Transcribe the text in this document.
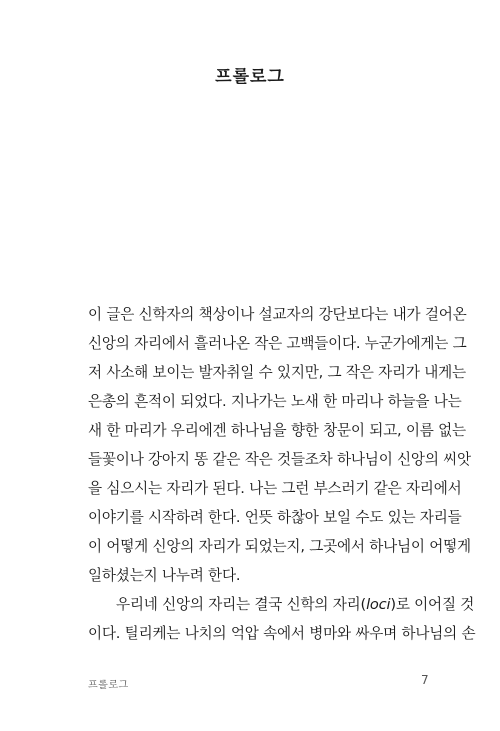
프롤로그
이 글은 신학자의 책상이나 설교자의 강단보다는 내가 걸어온
신앙의 자리에서 흘러나온 작은 고백들이다. 누군가에게는 그
저 사소해 보이는 발자취일 수 있지만, 그 작은 자리가 내게는
은총의 흔적이 되었다. 지나가는 노새 한 마리나 하늘을 나는
새 한 마리가 우리에겐 하나님을 향한 창문이 되고, 이름 없는
들꽃이나 강아지 똥 같은 작은 것들조차 하나님이 신앙의 씨앗
을 심으시는 자리가 된다. 나는 그런 부스러기 같은 자리에서
이야기를 시작하려 한다. 언뜻 하찮아 보일 수도 있는 자리들
이 어떻게 신앙의 자리가 되었는지, 그곳에서 하나님이 어떻게
일하셨는지 나누려 한다.
우리네 신앙의 자리는 결국 신학의 자리(loci)로 이어질 것
이다. 틸리케는 나치의 억압 속에서 병마와 싸우며 하나님의 손
프롤로그	7
